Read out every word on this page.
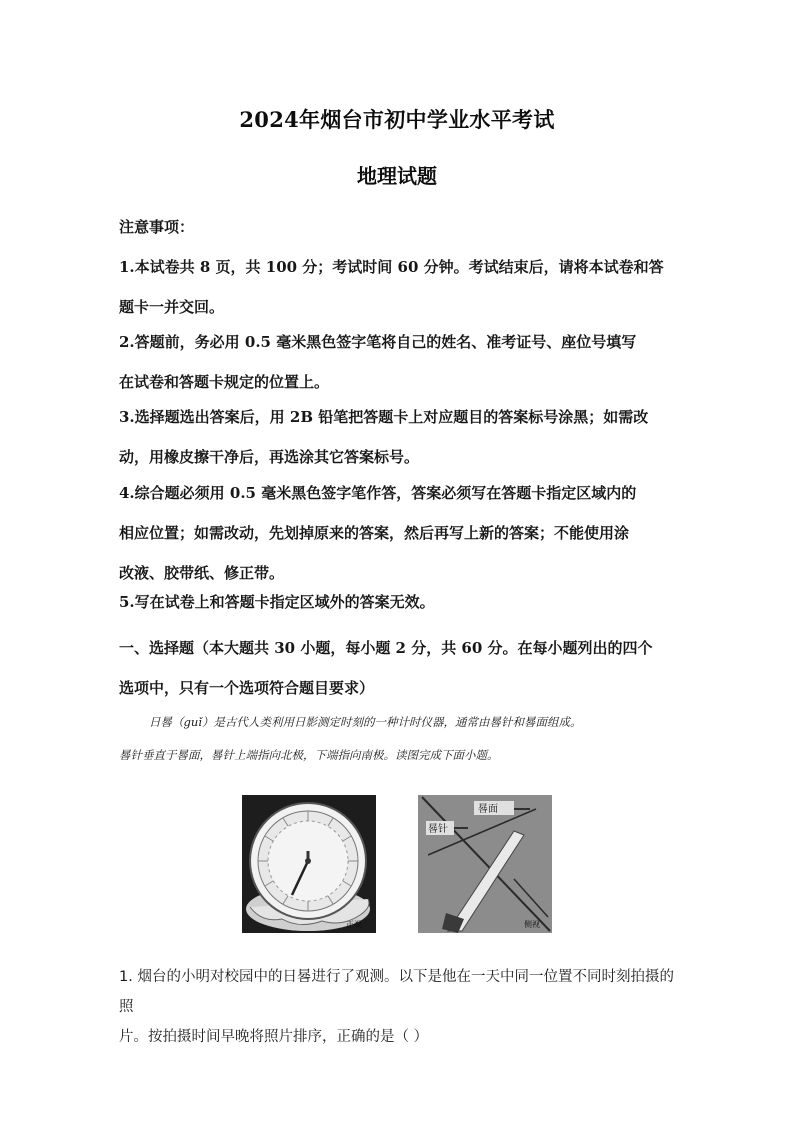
2024年烟台市初中学业水平考试
地理试题
注意事项：
1.本试卷共 8 页，共 100 分；考试时间 60 分钟。考试结束后，请将本试卷和答
题卡一并交回。
2.答题前，务必用 0.5 毫米黑色签字笔将自己的姓名、准考证号、座位号填写
在试卷和答题卡规定的位置上。
3.选择题选出答案后，用 2B 铅笔把答题卡上对应题目的答案标号涂黑；如需改
动，用橡皮擦干净后，再选涂其它答案标号。
4.综合题必须用 0.5 毫米黑色签字笔作答，答案必须写在答题卡指定区域内的
相应位置；如需改动，先划掉原来的答案，然后再写上新的答案；不能使用涂
改液、胶带纸、修正带。
5.写在试卷上和答题卡指定区域外的答案无效。
一、选择题（本大题共 30 小题，每小题 2 分，共 60 分。在每小题列出的四个
选项中，只有一个选项符合题目要求）
日晷（guǐ）是古代人类利用日影测定时刻的一种计时仪器，通常由晷针和晷面组成。
晷针垂直于晷面，晷针上端指向北极，下端指向南极。读图完成下面小题。
正视
晷面
晷针
侧视
1. 烟台的小明对校园中的日晷进行了观测。以下是他在一天中同一位置不同时刻拍摄的照
片。按拍摄时间早晚将照片排序，正确的是（ ）
